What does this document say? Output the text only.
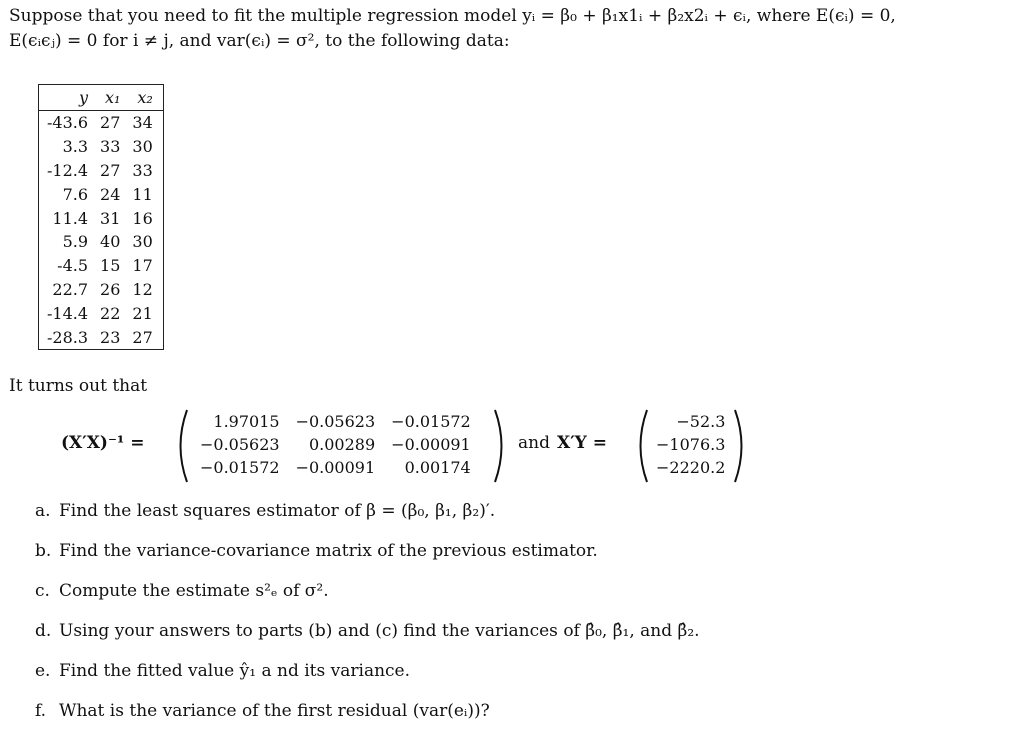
Suppose that you need to fit the multiple regression model yᵢ = β₀ + β₁x1ᵢ + β₂x2ᵢ + ϵᵢ, where E(ϵᵢ) = 0,
E(ϵᵢϵⱼ) = 0 for i ≠ j, and var(ϵᵢ) = σ², to the following data:
y	x₁	x₂
-43.6	27	34
3.3	33	30
-12.4	27	33
7.6	24	11
11.4	31	16
5.9	40	30
-4.5	15	17
22.7	26	12
-14.4	22	21
-28.3	23	27
It turns out that
(X′X)⁻¹ =
1.97015	−0.05623	−0.01572
−0.05623	0.00289	−0.00091
−0.01572	−0.00091	0.00174
and X′Y =
−52.3
−1076.3
−2220.2
a. Find the least squares estimator of β = (β₀, β₁, β₂)′.
b. Find the variance-covariance matrix of the previous estimator.
c. Compute the estimate s²ₑ of σ².
d. Using your answers to parts (b) and (c) find the variances of β̂₀, β̂₁, and β̂₂.
e. Find the fitted value ŷ₁ a nd its variance.
f. What is the variance of the first residual (var(eᵢ))?
